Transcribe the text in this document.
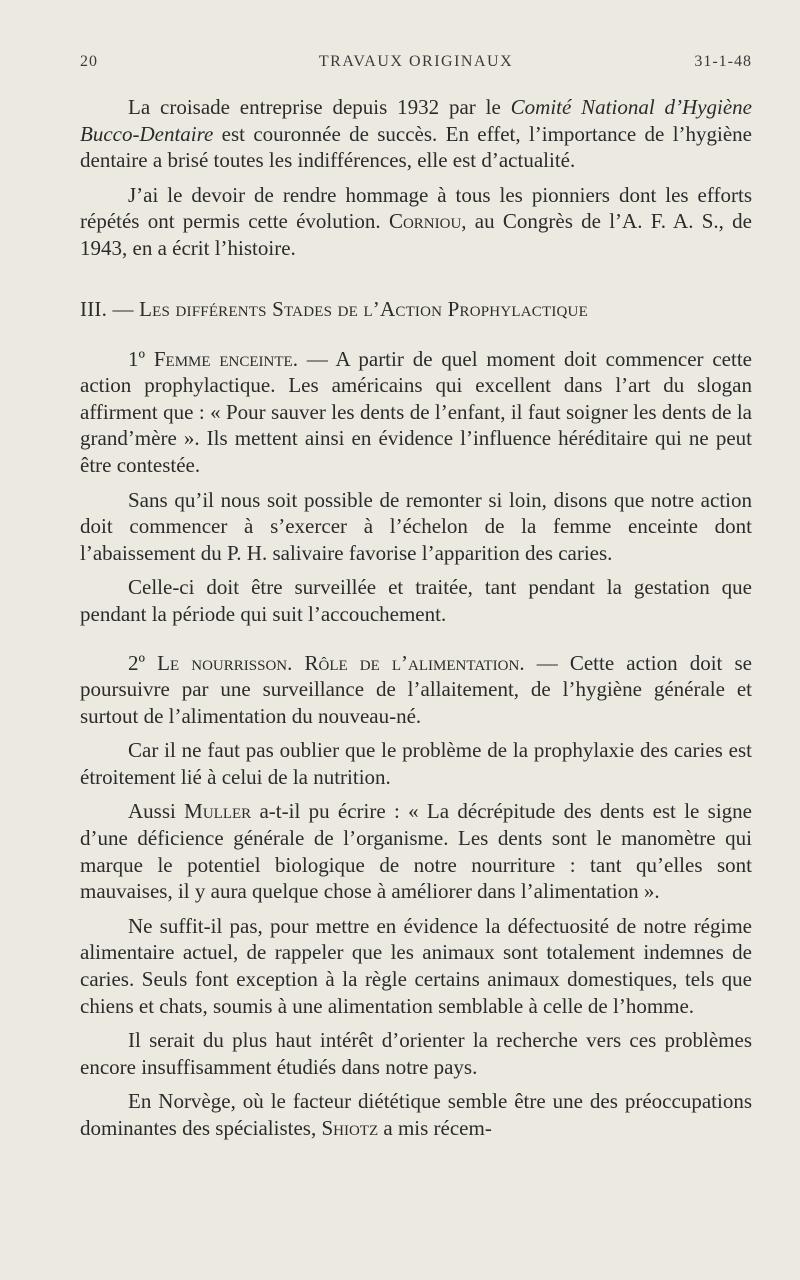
20	TRAVAUX ORIGINAUX	31-1-48

La croisade entreprise depuis 1932 par le Comité National d’Hygiène Bucco-Dentaire est couronnée de succès. En effet, l’importance de l’hygiène dentaire a brisé toutes les indifférences, elle est d’actualité.

J’ai le devoir de rendre hommage à tous les pionniers dont les efforts répétés ont permis cette évolution. Corniou, au Congrès de l’A. F. A. S., de 1943, en a écrit l’histoire.

III. — Les différents Stades de l’Action Prophylactique

1º Femme enceinte. — A partir de quel moment doit commencer cette action prophylactique. Les américains qui excellent dans l’art du slogan affirment que : « Pour sauver les dents de l’enfant, il faut soigner les dents de la grand’mère ». Ils mettent ainsi en évidence l’influence héréditaire qui ne peut être contestée.

Sans qu’il nous soit possible de remonter si loin, disons que notre action doit commencer à s’exercer à l’échelon de la femme enceinte dont l’abaissement du P. H. salivaire favorise l’apparition des caries.

Celle-ci doit être surveillée et traitée, tant pendant la gestation que pendant la période qui suit l’accouchement.

2º Le nourrisson. Rôle de l’alimentation. — Cette action doit se poursuivre par une surveillance de l’allaitement, de l’hygiène générale et surtout de l’alimentation du nouveau-né.

Car il ne faut pas oublier que le problème de la prophylaxie des caries est étroitement lié à celui de la nutrition.

Aussi Muller a-t-il pu écrire : « La décrépitude des dents est le signe d’une déficience générale de l’organisme. Les dents sont le manomètre qui marque le potentiel biologique de notre nourriture : tant qu’elles sont mauvaises, il y aura quelque chose à améliorer dans l’alimentation ».

Ne suffit-il pas, pour mettre en évidence la défectuosité de notre régime alimentaire actuel, de rappeler que les animaux sont totalement indemnes de caries. Seuls font exception à la règle certains animaux domestiques, tels que chiens et chats, soumis à une alimentation semblable à celle de l’homme.

Il serait du plus haut intérêt d’orienter la recherche vers ces problèmes encore insuffisamment étudiés dans notre pays.

En Norvège, où le facteur diététique semble être une des préoccupations dominantes des spécialistes, Shiotz a mis récem-
